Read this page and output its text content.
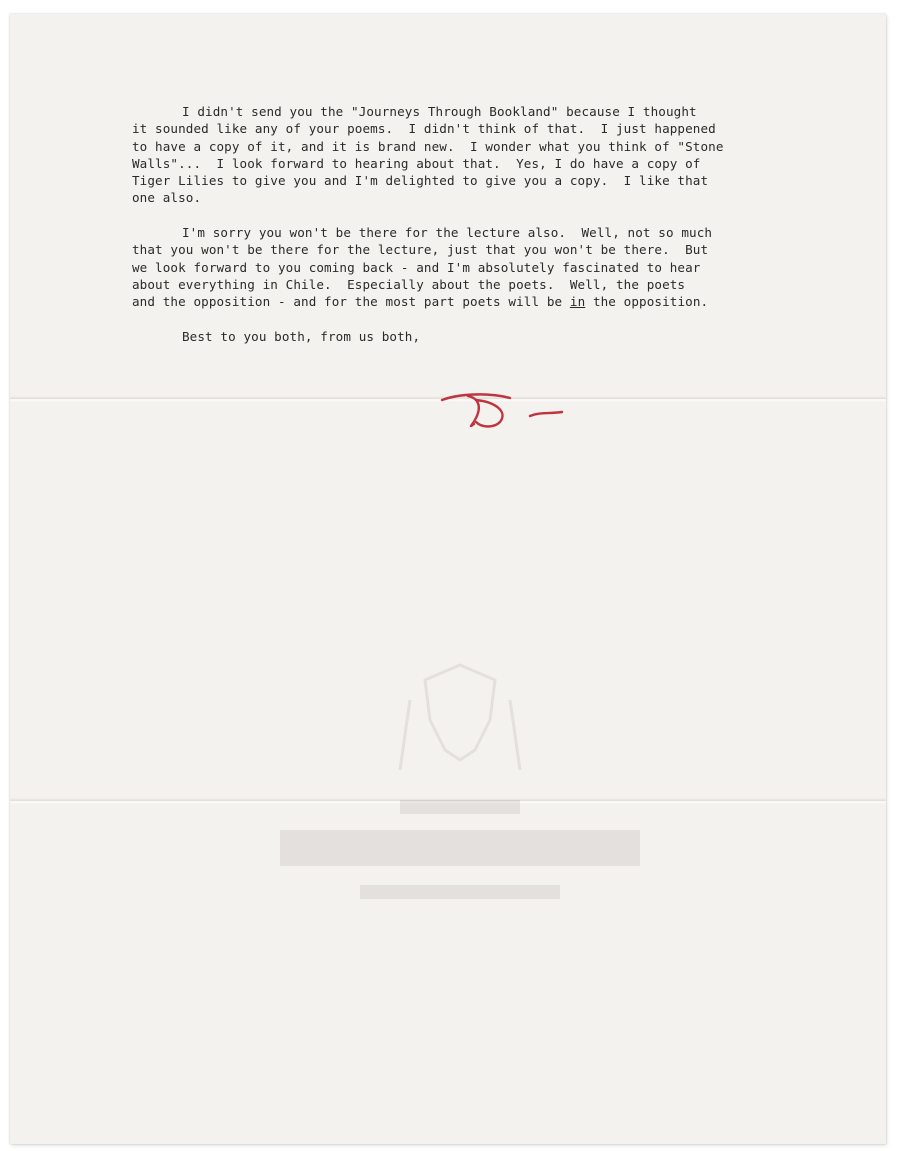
I didn't send you the "Journeys Through Bookland" because I thought
it sounded like any of your poems.  I didn't think of that.  I just happened
to have a copy of it, and it is brand new.  I wonder what you think of "Stone
Walls"...  I look forward to hearing about that.  Yes, I do have a copy of
Tiger Lilies to give you and I'm delighted to give you a copy.  I like that
one also.
I'm sorry you won't be there for the lecture also.  Well, not so much
that you won't be there for the lecture, just that you won't be there.  But
we look forward to you coming back - and I'm absolutely fascinated to hear
about everything in Chile.  Especially about the poets.  Well, the poets
and the opposition - and for the most part poets will be in the opposition.
Best to you both, from us both,
